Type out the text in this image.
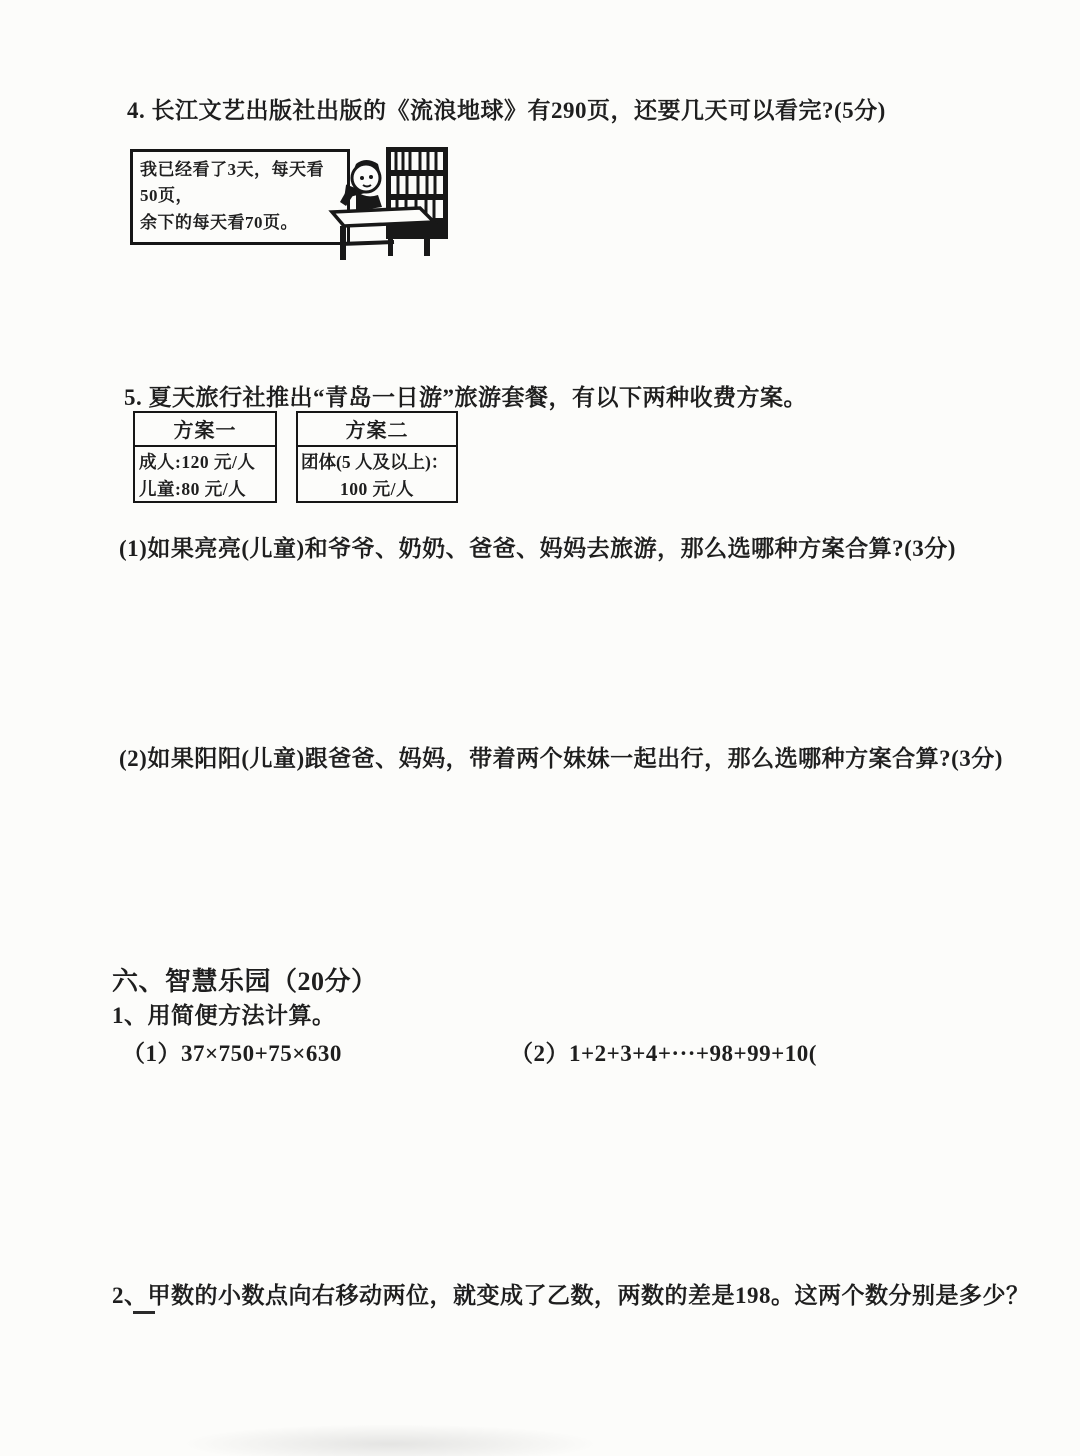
4. 长江文艺出版社出版的《流浪地球》有290页，还要几天可以看完?(5分)
我已经看了3天，每天看50页，
余下的每天看70页。
5. 夏天旅行社推出“青岛一日游”旅游套餐，有以下两种收费方案。
方案一
成人:120 元/人
儿童:80 元/人
方案二
团体(5 人及以上)：
100 元/人
(1)如果亮亮(儿童)和爷爷、奶奶、爸爸、妈妈去旅游，那么选哪种方案合算?(3分)
(2)如果阳阳(儿童)跟爸爸、妈妈，带着两个妹妹一起出行，那么选哪种方案合算?(3分)
六、智慧乐园（20分）
1、用简便方法计算。
（1）37×750+75×630	（2）1+2+3+4+···+98+99+10(
2、甲数的小数点向右移动两位，就变成了乙数，两数的差是198。这两个数分别是多少？
